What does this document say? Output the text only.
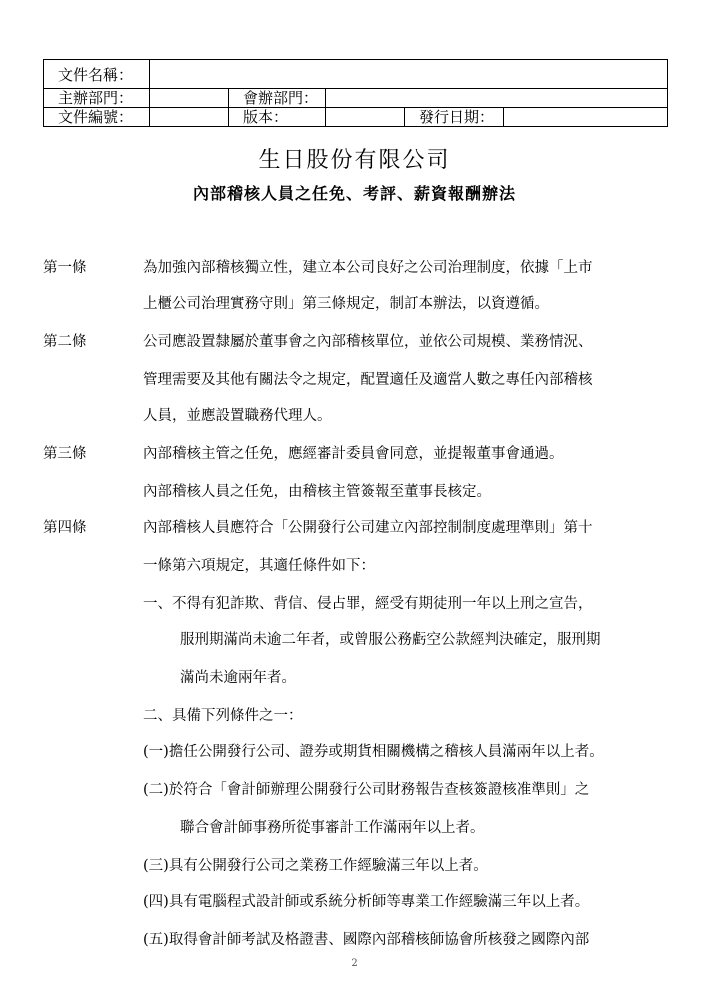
文件名稱：					
主辦部門：		會辦部門：			
文件編號：		版本：		發行日期：	
生日股份有限公司
內部稽核人員之任免、考評、薪資報酬辦法
第一條	為加強內部稽核獨立性，建立本公司良好之公司治理制度，依據「上市
上櫃公司治理實務守則」第三條規定，制訂本辦法，以資遵循。
第二條	公司應設置隸屬於董事會之內部稽核單位，並依公司規模、業務情況、
管理需要及其他有關法令之規定，配置適任及適當人數之專任內部稽核
人員，並應設置職務代理人。
第三條	內部稽核主管之任免，應經審計委員會同意，並提報董事會通過。
內部稽核人員之任免，由稽核主管簽報至董事長核定。
第四條	內部稽核人員應符合「公開發行公司建立內部控制制度處理準則」第十
一條第六項規定，其適任條件如下：
一、不得有犯詐欺、背信、侵占罪，經受有期徒刑一年以上刑之宣告，
服刑期滿尚未逾二年者，或曾服公務虧空公款經判決確定，服刑期
滿尚未逾兩年者。
二、具備下列條件之一：
(一)擔任公開發行公司、證券或期貨相關機構之稽核人員滿兩年以上者。
(二)於符合「會計師辦理公開發行公司財務報告查核簽證核准準則」之
聯合會計師事務所從事審計工作滿兩年以上者。
(三)具有公開發行公司之業務工作經驗滿三年以上者。
(四)具有電腦程式設計師或系統分析師等專業工作經驗滿三年以上者。
(五)取得會計師考試及格證書、國際內部稽核師協會所核發之國際內部
2
